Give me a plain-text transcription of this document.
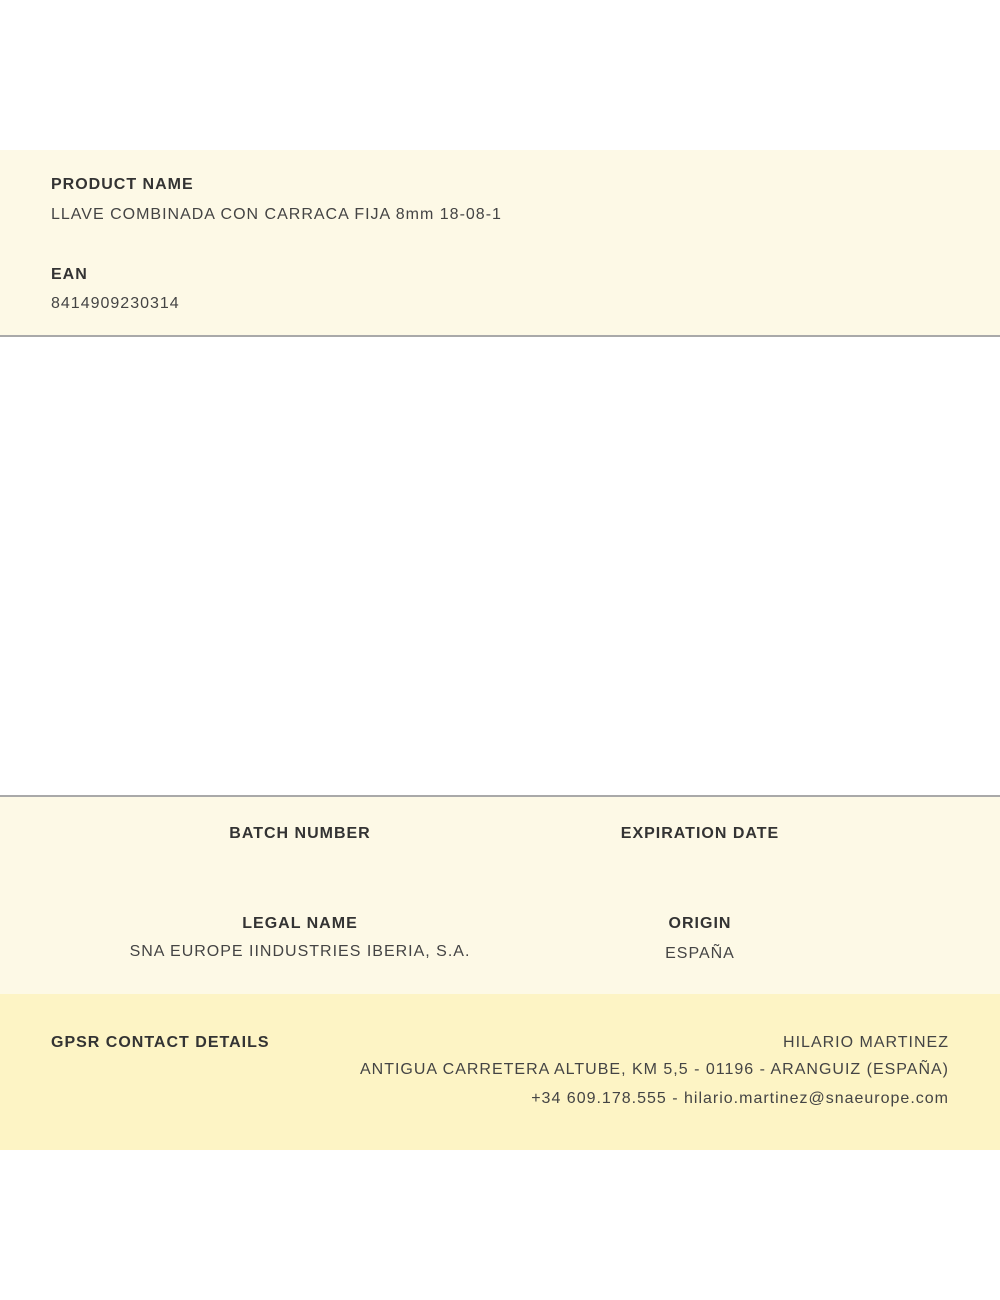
PRODUCT NAME
LLAVE COMBINADA CON CARRACA FIJA 8mm 18-08-1
EAN
8414909230314
BATCH NUMBER	EXPIRATION DATE
LEGAL NAME
SNA EUROPE IINDUSTRIES IBERIA, S.A.
ORIGIN
ESPAÑA
GPSR CONTACT DETAILS	HILARIO MARTINEZ
ANTIGUA CARRETERA ALTUBE, KM 5,5 - 01196 - ARANGUIZ (ESPAÑA)
+34 609.178.555 - hilario.martinez@snaeurope.com
